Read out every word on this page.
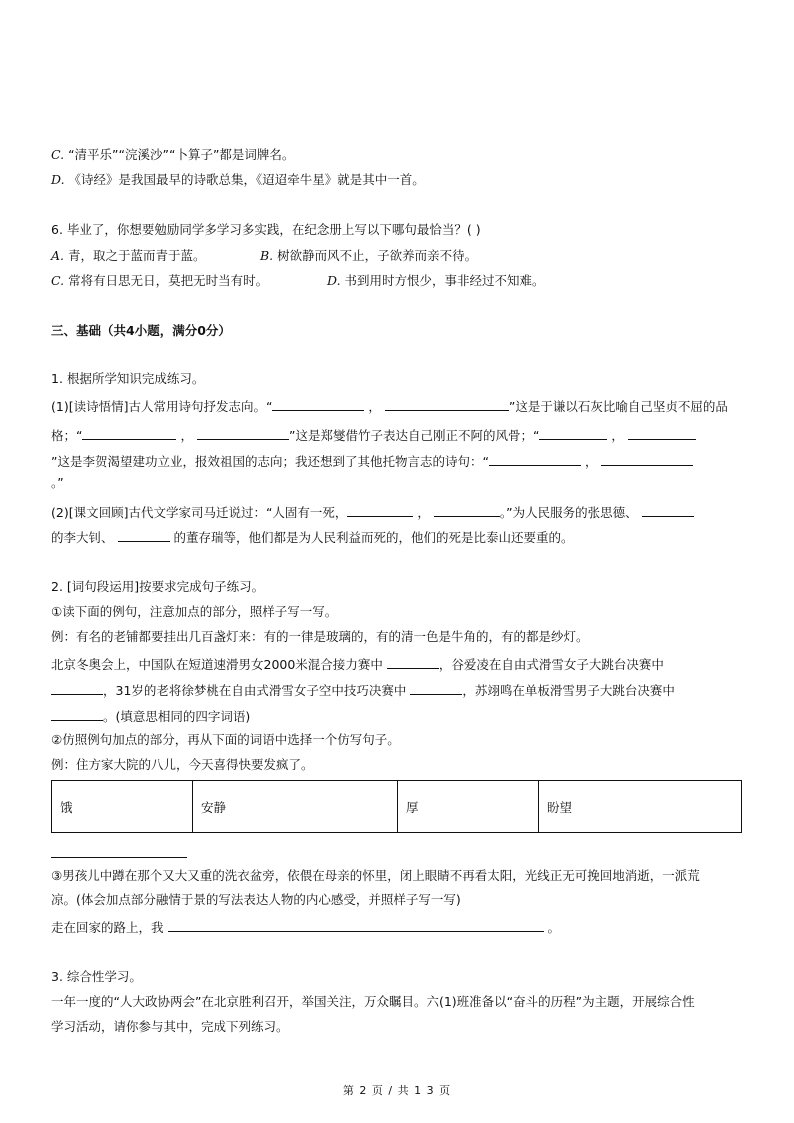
C. “清平乐”“浣溪沙”“卜算子”都是词牌名。
D. 《诗经》是我国最早的诗歌总集，《迢迢牵牛星》就是其中一首。
6. 毕业了，你想要勉励同学多学习多实践，在纪念册上写以下哪句最恰当？( )
A. 青，取之于蓝而青于蓝。	B. 树欲静而风不止，子欲养而亲不待。
C. 常将有日思无日，莫把无时当有时。	D. 书到用时方恨少，事非经过不知难。
三、基础（共4小题，满分0分）
1. 根据所学知识完成练习。
(1)[读诗悟情]古人常用诗句抒发志向。“	，	”这是于谦以石灰比喻自己坚贞不屈的品
格；“	，	”这是郑燮借竹子表达自己刚正不阿的风骨；“	，
”这是李贺渴望建功立业，报效祖国的志向；我还想到了其他托物言志的诗句：“	，
。”
(2)[课文回顾]古代文学家司马迁说过：“人固有一死，	，	。”为人民服务的张思德、
的李大钊、	的董存瑞等，他们都是为人民利益而死的，他们的死是比泰山还要重的。
2. [词句段运用]按要求完成句子练习。
①读下面的例句，注意加点的部分，照样子写一写。
例：有名的老铺都要挂出几百盏灯来：有的一律是玻璃的，有的清一色是牛角的，有的都是纱灯。
北京冬奥会上，中国队在短道速滑男女2000米混合接力赛中	，谷爱凌在自由式滑雪女子大跳台决赛中
，31岁的老将徐梦桃在自由式滑雪女子空中技巧决赛中	，苏翊鸣在单板滑雪男子大跳台决赛中
。(填意思相同的四字词语)
②仿照例句加点的部分，再从下面的词语中选择一个仿写句子。
例：住方家大院的八儿，今天喜得快要发疯了。
饿	安静	厚	盼望
③男孩儿中蹲在那个又大又重的洗衣盆旁，依偎在母亲的怀里，闭上眼睛不再看太阳，光线正无可挽回地消逝，一派荒
凉。(体会加点部分融情于景的写法表达人物的内心感受，并照样子写一写)
走在回家的路上，我	。
3. 综合性学习。
一年一度的“人大政协两会”在北京胜利召开，举国关注，万众瞩目。六(1)班准备以“奋斗的历程”为主题，开展综合性
学习活动，请你参与其中，完成下列练习。
第 2 页 / 共 1 3 页
